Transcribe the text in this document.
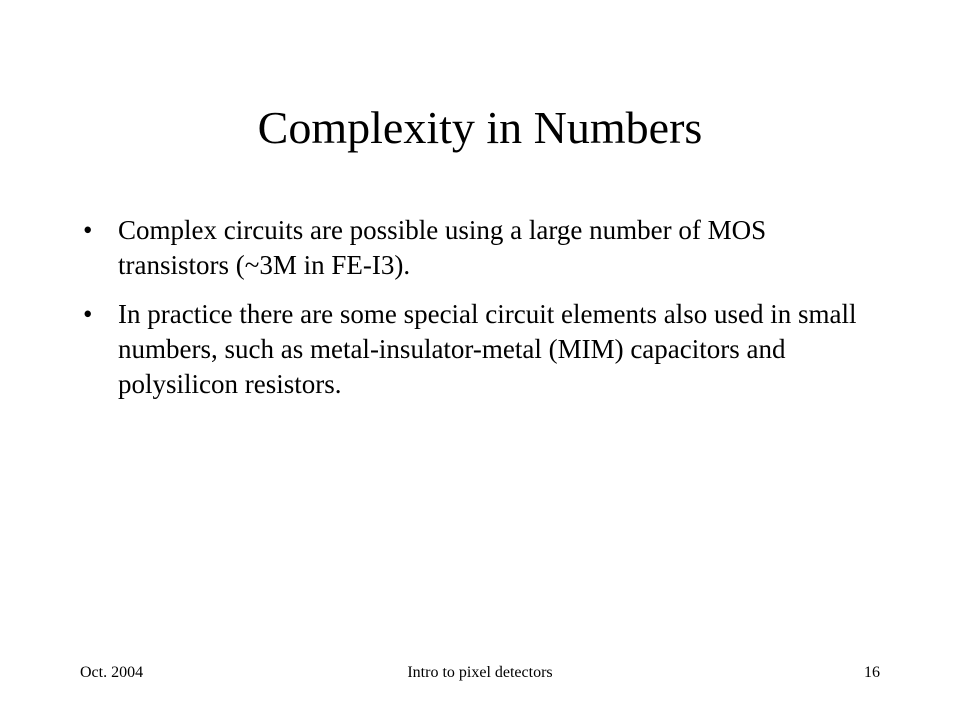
Complexity in Numbers
• Complex circuits are possible using a large number of MOS transistors (~3M in FE-I3).
• In practice there are some special circuit elements also used in small numbers, such as metal-insulator-metal (MIM) capacitors and polysilicon resistors.
Oct. 2004	Intro to pixel detectors	16
